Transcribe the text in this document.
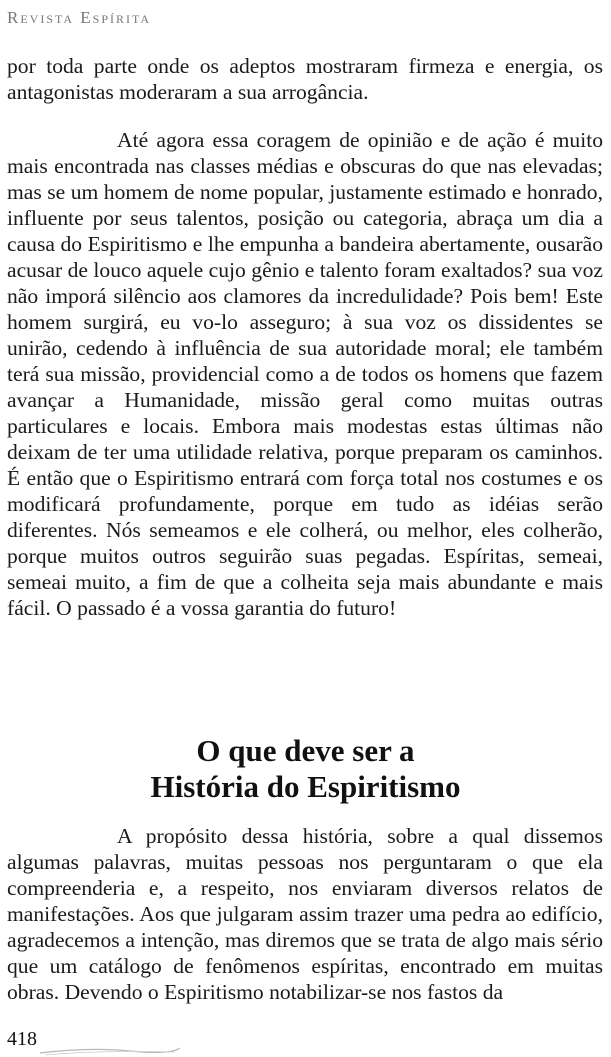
Revista Espírita

por toda parte onde os adeptos mostraram firmeza e energia, os antagonistas moderaram a sua arrogância.

Até agora essa coragem de opinião e de ação é muito mais encontrada nas classes médias e obscuras do que nas elevadas; mas se um homem de nome popular, justamente estimado e honrado, influente por seus talentos, posição ou categoria, abraça um dia a causa do Espiritismo e lhe empunha a bandeira abertamente, ousarão acusar de louco aquele cujo gênio e talento foram exaltados? sua voz não imporá silêncio aos clamores da incredulidade? Pois bem! Este homem surgirá, eu vo-lo asseguro; à sua voz os dissidentes se unirão, cedendo à influência de sua autoridade moral; ele também terá sua missão, providencial como a de todos os homens que fazem avançar a Humanidade, missão geral como muitas outras particulares e locais. Embora mais modestas estas últimas não deixam de ter uma utilidade relativa, porque preparam os caminhos. É então que o Espiritismo entrará com força total nos costumes e os modificará profundamente, porque em tudo as idéias serão diferentes. Nós semeamos e ele colherá, ou melhor, eles colherão, porque muitos outros seguirão suas pegadas. Espíritas, semeai, semeai muito, a fim de que a colheita seja mais abundante e mais fácil. O passado é a vossa garantia do futuro!

O que deve ser a
História do Espiritismo

A propósito dessa história, sobre a qual dissemos algumas palavras, muitas pessoas nos perguntaram o que ela compreenderia e, a respeito, nos enviaram diversos relatos de manifestações. Aos que julgaram assim trazer uma pedra ao edifício, agradecemos a intenção, mas diremos que se trata de algo mais sério que um catálogo de fenômenos espíritas, encontrado em muitas obras. Devendo o Espiritismo notabilizar-se nos fastos da

418
